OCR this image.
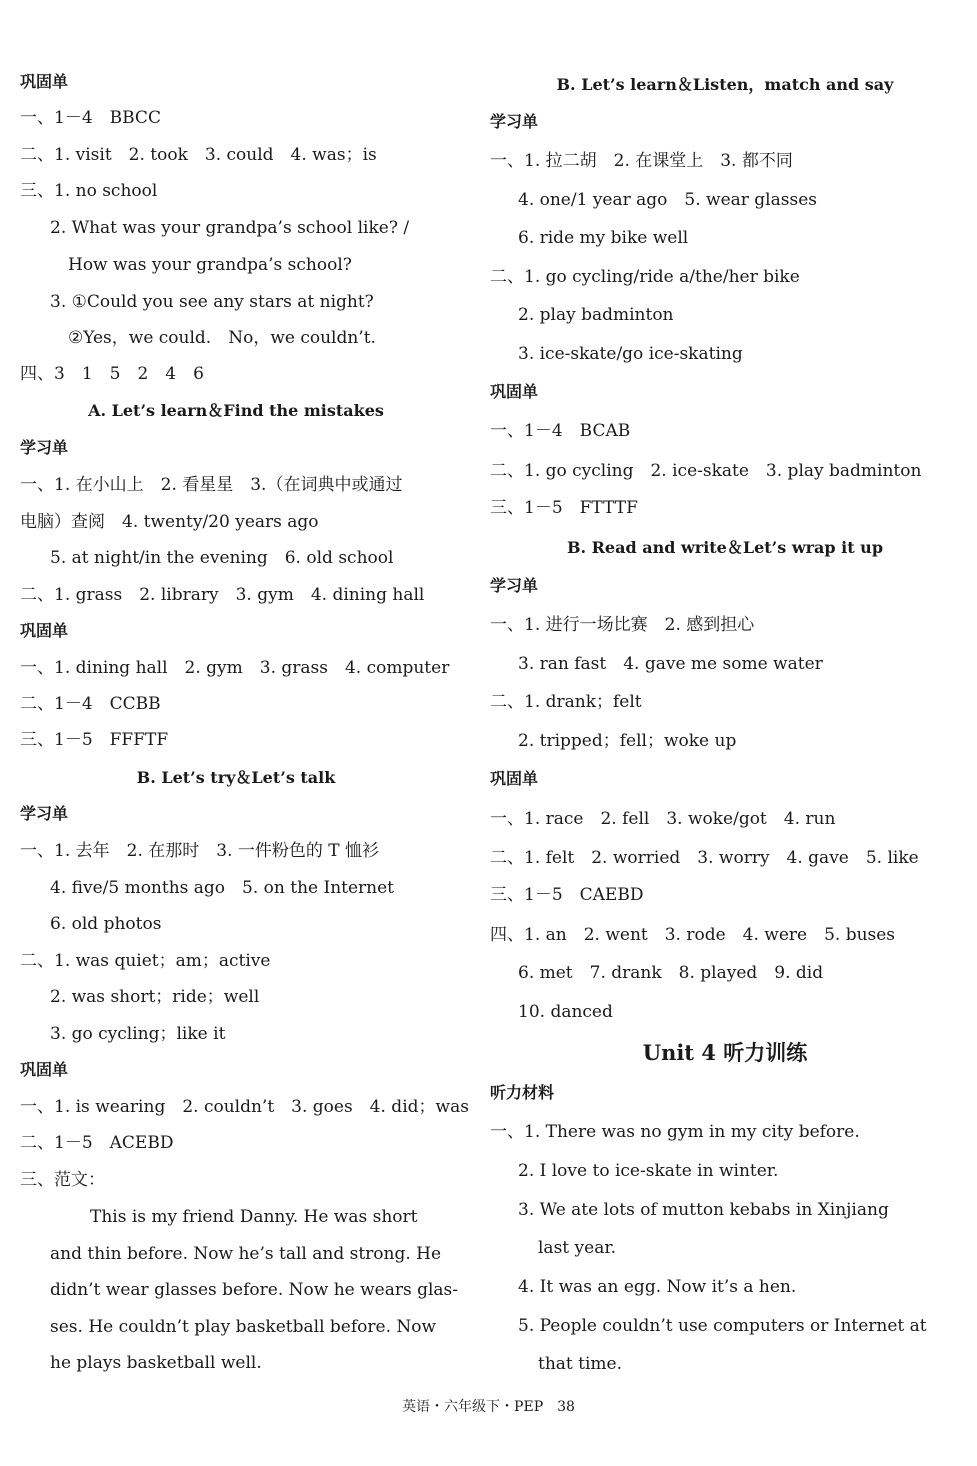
巩固单
一、1－4　BBCC
二、1. visit　2. took　3. could　4. was；is
三、1. no school
2. What was your grandpa’s school like? /
How was your grandpa’s school?
3. ①Could you see any stars at night?
②Yes，we could.　No，we couldn’t.
四、3　1　5　2　4　6
A. Let’s learn＆Find the mistakes
学习单
一、1. 在小山上　2. 看星星　3.（在词典中或通过
电脑）查阅　4. twenty/20 years ago
5. at night/in the evening　6. old school
二、1. grass　2. library　3. gym　4. dining hall
巩固单
一、1. dining hall　2. gym　3. grass　4. computer
二、1－4　CCBB
三、1－5　FFFTF
B. Let’s try＆Let’s talk
学习单
一、1. 去年　2. 在那时　3. 一件粉色的 T 恤衫
4. five/5 months ago　5. on the Internet
6. old photos
二、1. was quiet；am；active
2. was short；ride；well
3. go cycling；like it
巩固单
一、1. is wearing　2. couldn’t　3. goes　4. did；was
二、1－5　ACEBD
三、范文：
This is my friend Danny. He was short
and thin before. Now he’s tall and strong. He
didn’t wear glasses before. Now he wears glas-
ses. He couldn’t play basketball before. Now
he plays basketball well.
B. Let’s learn＆Listen，match and say
学习单
一、1. 拉二胡　2. 在课堂上　3. 都不同
4. one/1 year ago　5. wear glasses
6. ride my bike well
二、1. go cycling/ride a/the/her bike
2. play badminton
3. ice-skate/go ice-skating
巩固单
一、1－4　BCAB
二、1. go cycling　2. ice-skate　3. play badminton
三、1－5　FTTTF
B. Read and write＆Let’s wrap it up
学习单
一、1. 进行一场比赛　2. 感到担心
3. ran fast　4. gave me some water
二、1. drank；felt
2. tripped；fell；woke up
巩固单
一、1. race　2. fell　3. woke/got　4. run
二、1. felt　2. worried　3. worry　4. gave　5. like
三、1－5　CAEBD
四、1. an　2. went　3. rode　4. were　5. buses
6. met　7. drank　8. played　9. did
10. danced
Unit 4 听力训练
听力材料
一、1. There was no gym in my city before.
2. I love to ice-skate in winter.
3. We ate lots of mutton kebabs in Xinjiang
last year.
4. It was an egg. Now it’s a hen.
5. People couldn’t use computers or Internet at
that time.
英语・六年级下・PEP　38
